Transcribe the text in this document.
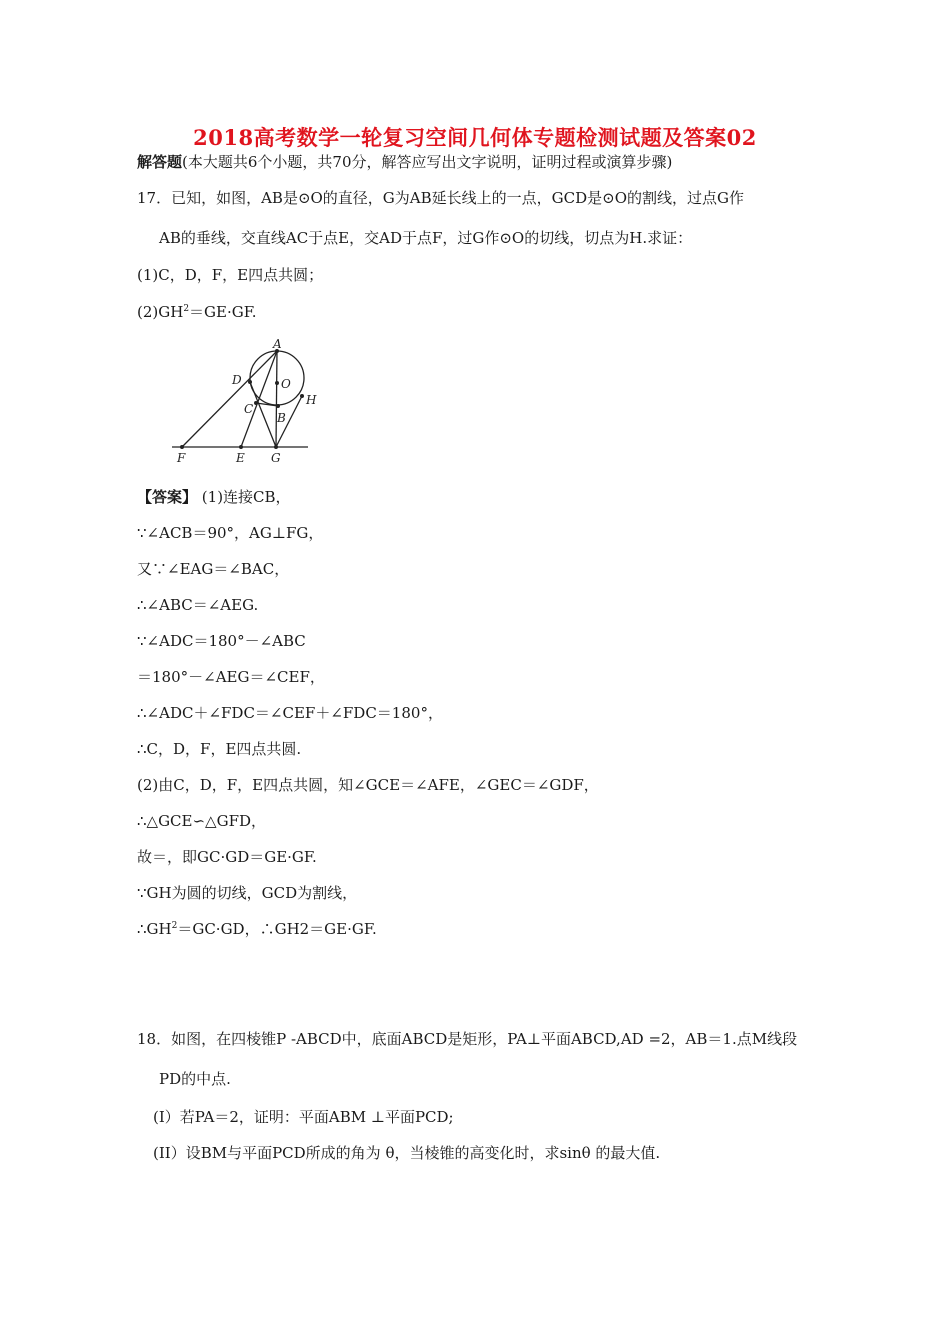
2018高考数学一轮复习空间几何体专题检测试题及答案02
解答题(本大题共6个小题，共70分，解答应写出文字说明，证明过程或演算步骤)
17．已知，如图，AB是⊙O的直径，G为AB延长线上的一点，GCD是⊙O的割线，过点G作
AB的垂线，交直线AC于点E，交AD于点F，过G作⊙O的切线，切点为H.求证：
(1)C，D，F，E四点共圆；
$(2)GH^2=GE\cdot GF$.
A
D	O
C
B
H
F	E G
【答案】 (1)连接CB，
∵∠ACB＝90°，AG⊥FG，
又∵∠EAG＝∠BAC，
∴∠ABC＝∠AEG.
∵∠ADC＝180°－∠ABC
＝180°－∠AEG＝∠CEF，
∴∠ADC＋∠FDC＝∠CEF＋∠FDC＝180°，
∴C，D，F，E四点共圆.
(2)由C，D，F，E四点共圆，知∠GCE＝∠AFE，∠GEC＝∠GDF，
∴△GCE∽△GFD，
故＝，即GC·GD＝GE·GF.
∵GH为圆的切线，GCD为割线，
$\therefore GH^2=GC\cdot GD$，∴GH2＝GE·GF.
18．如图，在四棱锥P -ABCD中，底面ABCD是矩形，PA⊥平面ABCD,AD =2，AB＝1.点M线段
PD的中点.
(I）若PA＝2，证明：平面ABM ⊥平面PCD;
(II）设BM与平面PCD所成的角为 θ，当棱锥的高变化时，求sinθ 的最大值.
